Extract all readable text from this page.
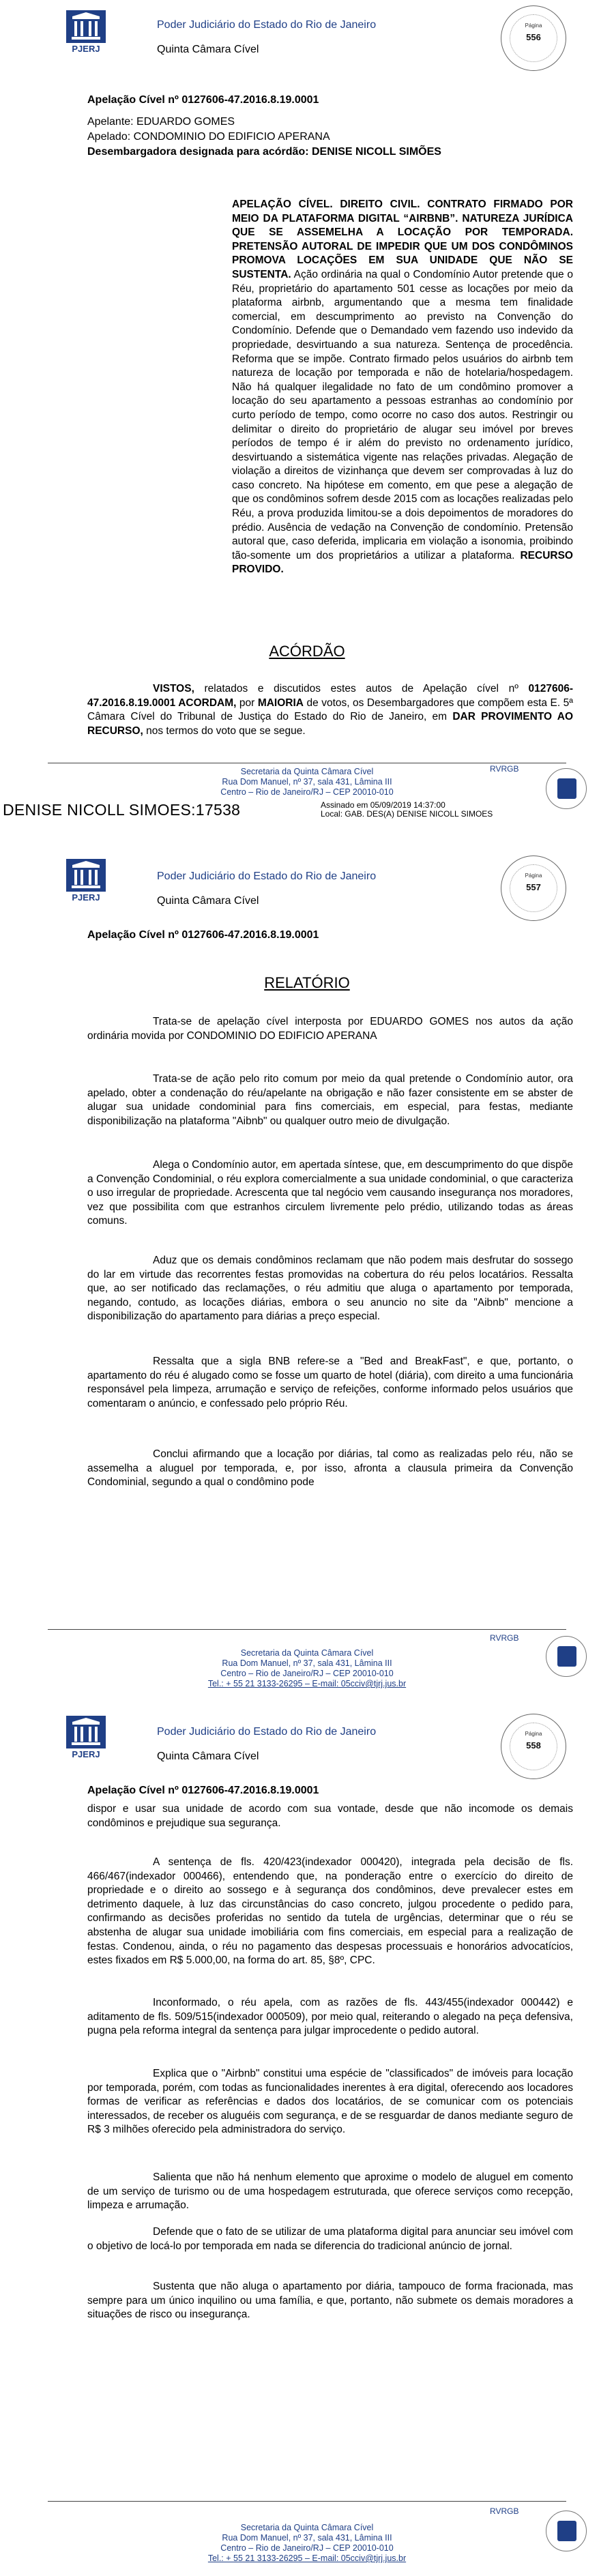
PJERJ
Poder Judiciário do Estado do Rio de Janeiro
Quinta Câmara Cível
Página
556
Apelação Cível nº 0127606-47.2016.8.19.0001
Apelante: EDUARDO GOMES
Apelado: CONDOMINIO DO EDIFICIO APERANA
Desembargadora designada para acórdão: DENISE NICOLL SIMÕES
APELAÇÃO CÍVEL. DIREITO CIVIL. CONTRATO FIRMADO POR MEIO DA PLATAFORMA DIGITAL “AIRBNB”. NATUREZA JURÍDICA QUE SE ASSEMELHA A LOCAÇÃO POR TEMPORADA. PRETENSÃO AUTORAL DE IMPEDIR QUE UM DOS CONDÔMINOS PROMOVA LOCAÇÕES EM SUA UNIDADE QUE NÃO SE SUSTENTA. Ação ordinária na qual o Condomínio Autor pretende que o Réu, proprietário do apartamento 501 cesse as locações por meio da plataforma airbnb, argumentando que a mesma tem finalidade comercial, em descumprimento ao previsto na Convenção do Condomínio. Defende que o Demandado vem fazendo uso indevido da propriedade, desvirtuando a sua natureza. Sentença de procedência. Reforma que se impõe. Contrato firmado pelos usuários do airbnb tem natureza de locação por temporada e não de hotelaria/hospedagem. Não há qualquer ilegalidade no fato de um condômino promover a locação do seu apartamento a pessoas estranhas ao condomínio por curto período de tempo, como ocorre no caso dos autos. Restringir ou delimitar o direito do proprietário de alugar seu imóvel por breves períodos de tempo é ir além do previsto no ordenamento jurídico, desvirtuando a sistemática vigente nas relações privadas. Alegação de violação a direitos de vizinhança que devem ser comprovadas à luz do caso concreto. Na hipótese em comento, em que pese a alegação de que os condôminos sofrem desde 2015 com as locações realizadas pelo Réu, a prova produzida limitou-se a dois depoimentos de moradores do prédio. Ausência de vedação na Convenção de condomínio. Pretensão autoral que, caso deferida, implicaria em violação a isonomia, proibindo tão-somente um dos proprietários a utilizar a plataforma. RECURSO PROVIDO.
ACÓRDÃO
VISTOS, relatados e discutidos estes autos de Apelação cível nº 0127606-47.2016.8.19.0001 ACORDAM, por MAIORIA de votos, os Desembargadores que compõem esta E. 5ª Câmara Cível do Tribunal de Justiça do Estado do Rio de Janeiro, em DAR PROVIMENTO AO RECURSO, nos termos do voto que se segue.
Secretaria da Quinta Câmara Cível
Rua Dom Manuel, nº 37, sala 431, Lâmina III
Centro – Rio de Janeiro/RJ – CEP 20010-010
RVRGB
DENISE NICOLL SIMOES:17538	Assinado em 05/09/2019 14:37:00
Local: GAB. DES(A) DENISE NICOLL SIMOES
PJERJ
Poder Judiciário do Estado do Rio de Janeiro
Quinta Câmara Cível
Página
557
Apelação Cível nº 0127606-47.2016.8.19.0001
RELATÓRIO
Trata-se de apelação cível interposta por EDUARDO GOMES nos autos da ação ordinária movida por CONDOMINIO DO EDIFICIO APERANA
Trata-se de ação pelo rito comum por meio da qual pretende o Condomínio autor, ora apelado, obter a condenação do réu/apelante na obrigação e não fazer consistente em se abster de alugar sua unidade condominial para fins comerciais, em especial, para festas, mediante disponibilização na plataforma "Aibnb" ou qualquer outro meio de divulgação.
Alega o Condomínio autor, em apertada síntese, que, em descumprimento do que dispõe a Convenção Condominial, o réu explora comercialmente a sua unidade condominial, o que caracteriza o uso irregular de propriedade. Acrescenta que tal negócio vem causando insegurança nos moradores, vez que possibilita com que estranhos circulem livremente pelo prédio, utilizando todas as áreas comuns.
Aduz que os demais condôminos reclamam que não podem mais desfrutar do sossego do lar em virtude das recorrentes festas promovidas na cobertura do réu pelos locatários. Ressalta que, ao ser notificado das reclamações, o réu admitiu que aluga o apartamento por temporada, negando, contudo, as locações diárias, embora o seu anuncio no site da "Aibnb" mencione a disponibilização do apartamento para diárias a preço especial.
Ressalta que a sigla BNB refere-se a "Bed and BreakFast", e que, portanto, o apartamento do réu é alugado como se fosse um quarto de hotel (diária), com direito a uma funcionária responsável pela limpeza, arrumação e serviço de refeições, conforme informado pelos usuários que comentaram o anúncio, e confessado pelo próprio Réu.
Conclui afirmando que a locação por diárias, tal como as realizadas pelo réu, não se assemelha a aluguel por temporada, e, por isso, afronta a clausula primeira da Convenção Condominial, segundo a qual o condômino pode
Secretaria da Quinta Câmara Cível
Rua Dom Manuel, nº 37, sala 431, Lâmina III
Centro – Rio de Janeiro/RJ – CEP 20010-010
Tel.: + 55 21 3133-26295 – E-mail: 05cciv@tjrj.jus.br
RVRGB
PJERJ
Poder Judiciário do Estado do Rio de Janeiro
Quinta Câmara Cível
Página
558
Apelação Cível nº 0127606-47.2016.8.19.0001
dispor e usar sua unidade de acordo com sua vontade, desde que não incomode os demais condôminos e prejudique sua segurança.
A sentença de fls. 420/423(indexador 000420), integrada pela decisão de fls. 466/467(indexador 000466), entendendo que, na ponderação entre o exercício do direito de propriedade e o direito ao sossego e à segurança dos condôminos, deve prevalecer estes em detrimento daquele, à luz das circunstâncias do caso concreto, julgou procedente o pedido para, confirmando as decisões proferidas no sentido da tutela de urgências, determinar que o réu se abstenha de alugar sua unidade imobiliária com fins comerciais, em especial para a realização de festas. Condenou, ainda, o réu no pagamento das despesas processuais e honorários advocatícios, estes fixados em R$ 5.000,00, na forma do art. 85, §8º, CPC.
Inconformado, o réu apela, com as razões de fls. 443/455(indexador 000442) e aditamento de fls. 509/515(indexador 000509), por meio qual, reiterando o alegado na peça defensiva, pugna pela reforma integral da sentença para julgar improcedente o pedido autoral.
Explica que o "Airbnb" constitui uma espécie de "classificados" de imóveis para locação por temporada, porém, com todas as funcionalidades inerentes à era digital, oferecendo aos locadores formas de verificar as referências e dados dos locatários, de se comunicar com os potenciais interessados, de receber os aluguéis com segurança, e de se resguardar de danos mediante seguro de R$ 3 milhões oferecido pela administradora do serviço.
Salienta que não há nenhum elemento que aproxime o modelo de aluguel em comento de um serviço de turismo ou de uma hospedagem estruturada, que oferece serviços como recepção, limpeza e arrumação.
Defende que o fato de se utilizar de uma plataforma digital para anunciar seu imóvel com o objetivo de locá-lo por temporada em nada se diferencia do tradicional anúncio de jornal.
Sustenta que não aluga o apartamento por diária, tampouco de forma fracionada, mas sempre para um único inquilino ou uma família, e que, portanto, não submete os demais moradores a situações de risco ou insegurança.
Secretaria da Quinta Câmara Cível
Rua Dom Manuel, nº 37, sala 431, Lâmina III
Centro – Rio de Janeiro/RJ – CEP 20010-010
Tel.: + 55 21 3133-26295 – E-mail: 05cciv@tjrj.jus.br
RVRGB
